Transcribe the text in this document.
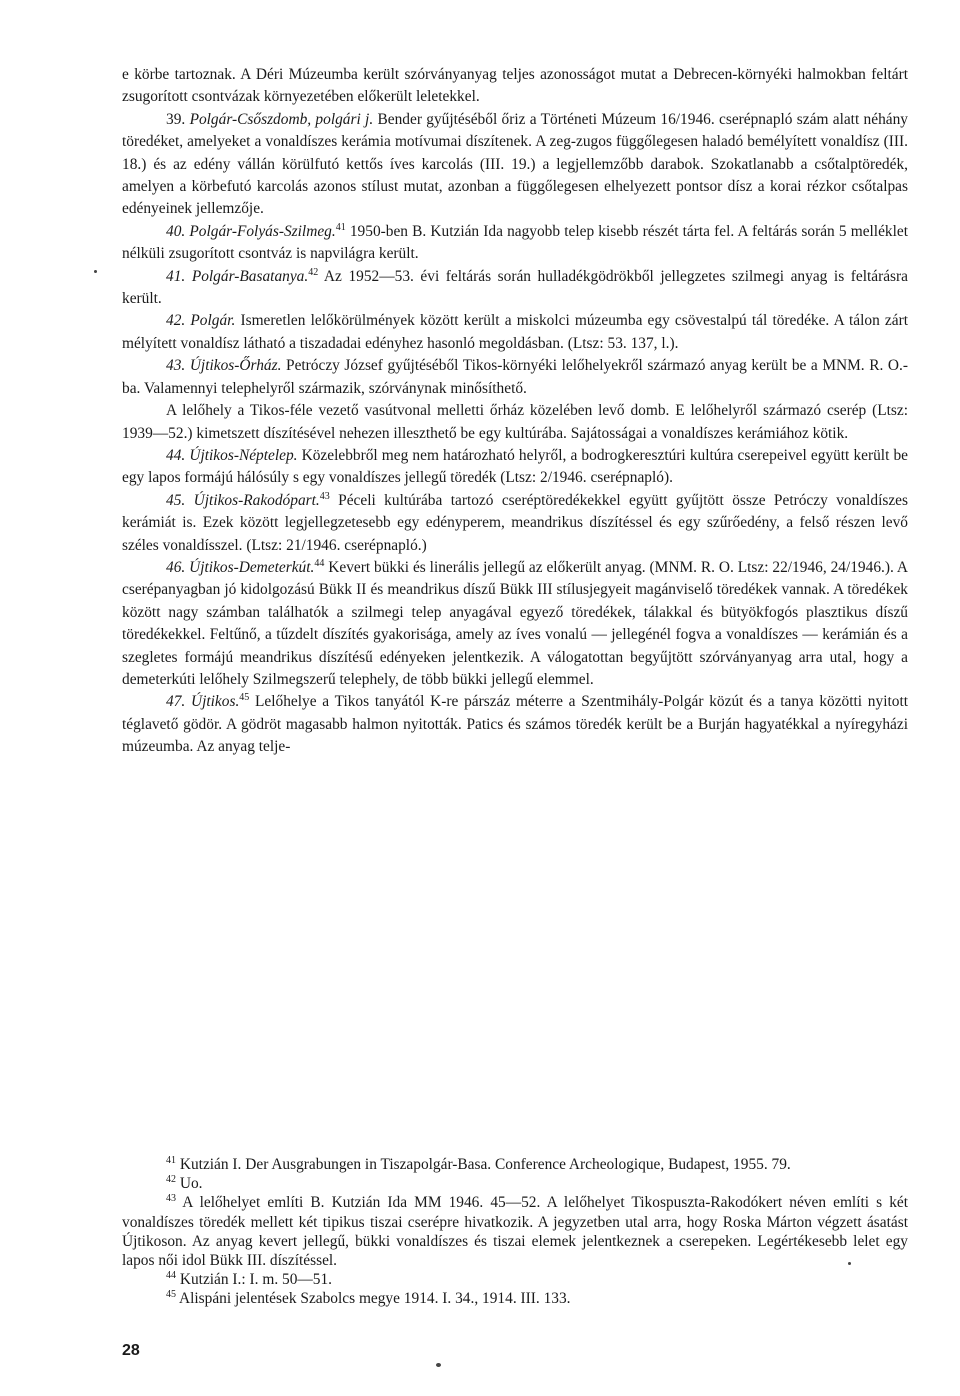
e körbe tartoznak. A Déri Múzeumba került szórványanyag teljes azonosságot mutat a Debrecen-környéki halmokban feltárt zsugorított csontvázak környezetében előkerült leletekkel.

39. Polgár-Csőszdomb, polgári j. Bender gyűjtéséből őriz a Történeti Múzeum 16/1946. cserépnapló szám alatt néhány töredéket, amelyeket a vonaldíszes kerámia motívumai díszítenek. A zeg-zugos függőlegesen haladó bemélyített vonaldísz (III. 18.) és az edény vállán körülfutó kettős íves karcolás (III. 19.) a legjellemzőbb darabok. Szokatlanabb a csőtalptöredék, amelyen a körbefutó karcolás azonos stílust mutat, azonban a függőlegesen elhelyezett pontsor dísz a korai rézkor csőtalpas edényeinek jellemzője.

40. Polgár-Folyás-Szilmeg.$^{41}$ 1950-ben B. Kutzián Ida nagyobb telep kisebb részét tárta fel. A feltárás során 5 melléklet nélküli zsugorított csontváz is napvilágra került.

41. Polgár-Basatanya.$^{42}$ Az 1952—53. évi feltárás során hulladékgödrökből jellegzetes szilmegi anyag is feltárásra került.

42. Polgár. Ismeretlen lelőkörülmények között került a miskolci múzeumba egy csövestalpú tál töredéke. A tálon zárt mélyített vonaldísz látható a tiszadadai edényhez hasonló megoldásban. (Ltsz: 53. 137, l.).

43. Újtikos-Őrház. Petróczy József gyűjtéséből Tikos-környéki lelőhelyekről származó anyag került be a MNM. R. O.-ba. Valamennyi telephelyről származik, szórványnak minősíthető.

A lelőhely a Tikos-féle vezető vasútvonal melletti őrház közelében levő domb. E lelőhelyről származó cserép (Ltsz: 1939—52.) kimetszett díszítésével nehezen illeszthető be egy kultúrába. Sajátosságai a vonaldíszes kerámiához kötik.

44. Újtikos-Néptelep. Közelebbről meg nem határozható helyről, a bodrogkeresztúri kultúra cserepeivel együtt került be egy lapos formájú hálósúly s egy vonaldíszes jellegű töredék (Ltsz: 2/1946. cserépnapló).

45. Újtikos-Rakodópart.$^{43}$ Péceli kultúrába tartozó cseréptöredékekkel együtt gyűjtött össze Petróczy vonaldíszes kerámiát is. Ezek között legjellegzetesebb egy edényperem, meandrikus díszítéssel és egy szűrőedény, a felső részen levő széles vonaldísszel. (Ltsz: 21/1946. cserépnapló.)

46. Újtikos-Demeterkút.$^{44}$ Kevert bükki és linerális jellegű az előkerült anyag. (MNM. R. O. Ltsz: 22/1946, 24/1946.). A cserépanyagban jó kidolgozású Bükk II és meandrikus díszű Bükk III stílusjegyeit magánviselő töredékek vannak. A töredékek között nagy számban találhatók a szilmegi telep anyagával egyező töredékek, tálakkal és bütyökfogós plasztikus díszű töredékekkel. Feltűnő, a tűzdelt díszítés gyakorisága, amely az íves vonalú — jellegénél fogva a vonaldíszes — kerámián és a szegletes formájú meandrikus díszítésű edényeken jelentkezik. A válogatottan begyűjtött szórványanyag arra utal, hogy a demeterkúti lelőhely Szilmegszerű telephely, de több bükki jellegű elemmel.

47. Újtikos.$^{45}$ Lelőhelye a Tikos tanyától K-re párszáz méterre a Szentmihály-Polgár közút és a tanya közötti nyitott téglavető gödör. A gödröt magasabb halmon nyitották. Patics és számos töredék került be a Burján hagyatékkal a nyíregyházi múzeumba. Az anyag telje-

$^{41}$ Kutzián I. Der Ausgrabungen in Tiszapolgár-Basa. Conference Archeologique, Budapest, 1955. 79.

$^{42}$ Uo.

$^{43}$ A lelőhelyet említi B. Kutzián Ida MM 1946. 45—52. A lelőhelyet Tikospuszta-Rakodókert néven említi s két vonaldíszes töredék mellett két tipikus tiszai cserépre hivatkozik. A jegyzetben utal arra, hogy Roska Márton végzett ásatást Újtikoson. Az anyag kevert jellegű, bükki vonaldíszes és tiszai elemek jelentkeznek a cserepeken. Legértékesebb lelet egy lapos női idol Bükk III. díszítéssel.

$^{44}$ Kutzián I.: I. m. 50—51.

$^{45}$ Alispáni jelentések Szabolcs megye 1914. I. 34., 1914. III. 133.

28
